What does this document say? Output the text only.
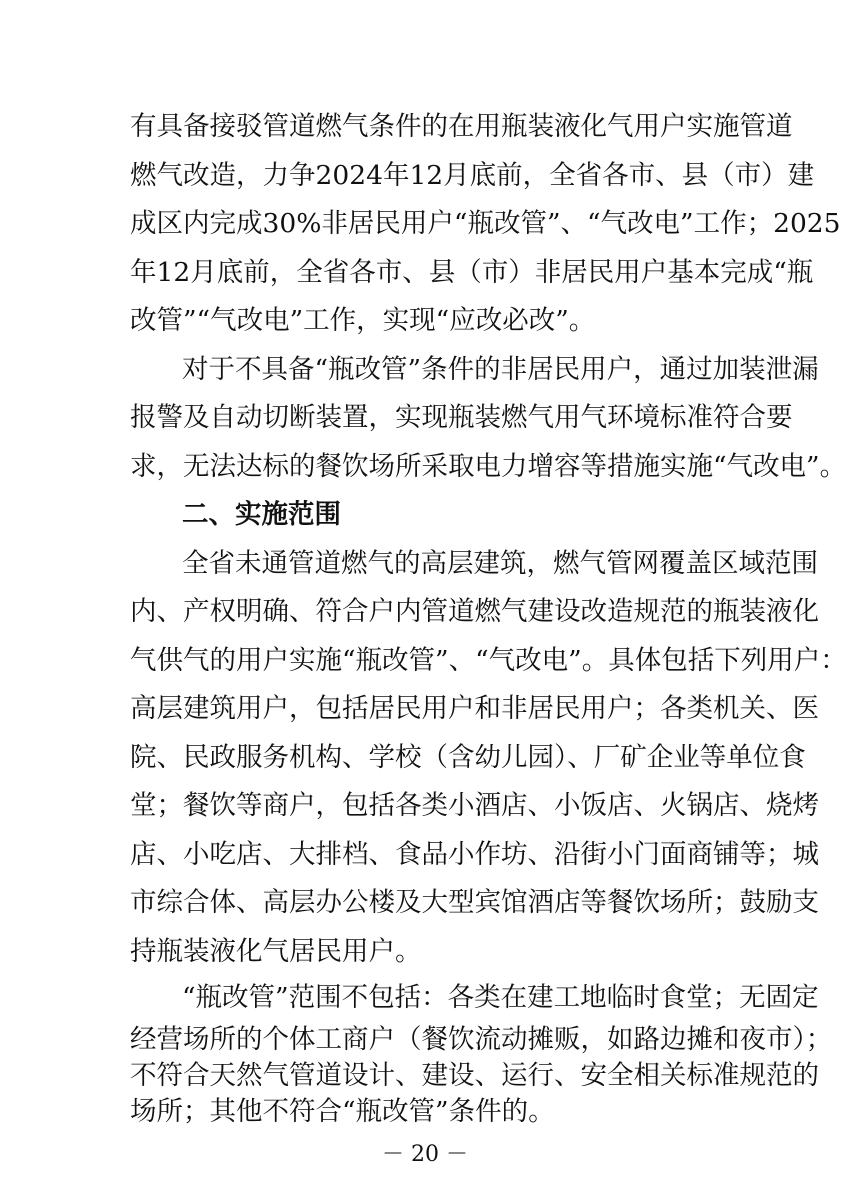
有具备接驳管道燃气条件的在用瓶装液化气用户实施管道
燃气改造，力争2024年12月底前，全省各市、县（市）建
成区内完成30%非居民用户“瓶改管”、“气改电”工作；2025
年12月底前，全省各市、县（市）非居民用户基本完成“瓶
改管”“气改电”工作，实现“应改必改”。
对于不具备“瓶改管”条件的非居民用户，通过加装泄漏
报警及自动切断装置，实现瓶装燃气用气环境标准符合要
求，无法达标的餐饮场所采取电力增容等措施实施“气改电”。
二、实施范围
全省未通管道燃气的高层建筑，燃气管网覆盖区域范围
内、产权明确、符合户内管道燃气建设改造规范的瓶装液化
气供气的用户实施“瓶改管”、“气改电”。具体包括下列用户：
高层建筑用户，包括居民用户和非居民用户；各类机关、医
院、民政服务机构、学校（含幼儿园）、厂矿企业等单位食
堂；餐饮等商户，包括各类小酒店、小饭店、火锅店、烧烤
店、小吃店、大排档、食品小作坊、沿街小门面商铺等；城
市综合体、高层办公楼及大型宾馆酒店等餐饮场所；鼓励支
持瓶装液化气居民用户。
－ 20 －
“瓶改管”范围不包括：各类在建工地临时食堂；无固定
经营场所的个体工商户（餐饮流动摊贩，如路边摊和夜市）；
不符合天然气管道设计、建设、运行、安全相关标准规范的
场所；其他不符合“瓶改管”条件的。
